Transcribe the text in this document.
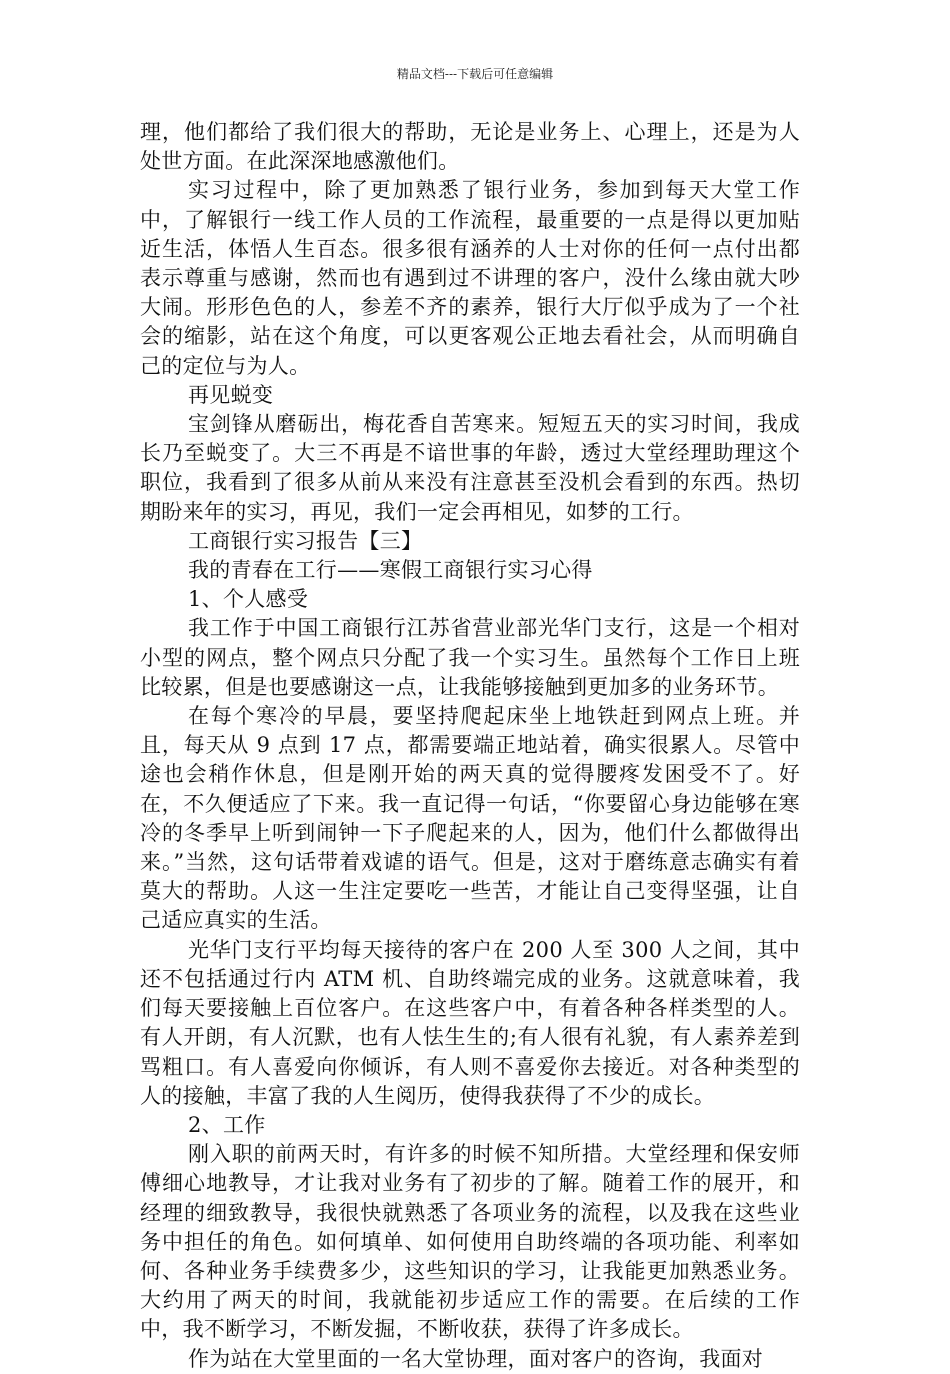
精品文档---下载后可任意编辑

理，他们都给了我们很大的帮助，无论是业务上、心理上，还是为人处世方面。在此深深地感激他们。

实习过程中，除了更加熟悉了银行业务，参加到每天大堂工作中，了解银行一线工作人员的工作流程，最重要的一点是得以更加贴近生活，体悟人生百态。很多很有涵养的人士对你的任何一点付出都表示尊重与感谢，然而也有遇到过不讲理的客户，没什么缘由就大吵大闹。形形色色的人，参差不齐的素养，银行大厅似乎成为了一个社会的缩影，站在这个角度，可以更客观公正地去看社会，从而明确自己的定位与为人。

再见蜕变

宝剑锋从磨砺出，梅花香自苦寒来。短短五天的实习时间，我成长乃至蜕变了。大三不再是不谙世事的年龄，透过大堂经理助理这个职位，我看到了很多从前从来没有注意甚至没机会看到的东西。热切期盼来年的实习，再见，我们一定会再相见，如梦的工行。

工商银行实习报告【三】

我的青春在工行——寒假工商银行实习心得

1、个人感受

我工作于中国工商银行江苏省营业部光华门支行，这是一个相对小型的网点，整个网点只分配了我一个实习生。虽然每个工作日上班比较累，但是也要感谢这一点，让我能够接触到更加多的业务环节。

在每个寒冷的早晨，要坚持爬起床坐上地铁赶到网点上班。并且，每天从 9 点到 17 点，都需要端正地站着，确实很累人。尽管中途也会稍作休息，但是刚开始的两天真的觉得腰疼发困受不了。好在，不久便适应了下来。我一直记得一句话，“你要留心身边能够在寒冷的冬季早上听到闹钟一下子爬起来的人，因为，他们什么都做得出来。”当然，这句话带着戏谑的语气。但是，这对于磨练意志确实有着莫大的帮助。人这一生注定要吃一些苦，才能让自己变得坚强，让自己适应真实的生活。

光华门支行平均每天接待的客户在 200 人至 300 人之间，其中还不包括通过行内 ATM 机、自助终端完成的业务。这就意味着，我们每天要接触上百位客户。在这些客户中，有着各种各样类型的人。有人开朗，有人沉默，也有人怯生生的;有人很有礼貌，有人素养差到骂粗口。有人喜爱向你倾诉，有人则不喜爱你去接近。对各种类型的人的接触，丰富了我的人生阅历，使得我获得了不少的成长。

2、工作

刚入职的前两天时，有许多的时候不知所措。大堂经理和保安师傅细心地教导，才让我对业务有了初步的了解。随着工作的展开，和经理的细致教导，我很快就熟悉了各项业务的流程，以及我在这些业务中担任的角色。如何填单、如何使用自助终端的各项功能、利率如何、各种业务手续费多少，这些知识的学习，让我能更加熟悉业务。大约用了两天的时间，我就能初步适应工作的需要。在后续的工作中，我不断学习，不断发掘，不断收获，获得了许多成长。

作为站在大堂里面的一名大堂协理，面对客户的咨询，我面对
